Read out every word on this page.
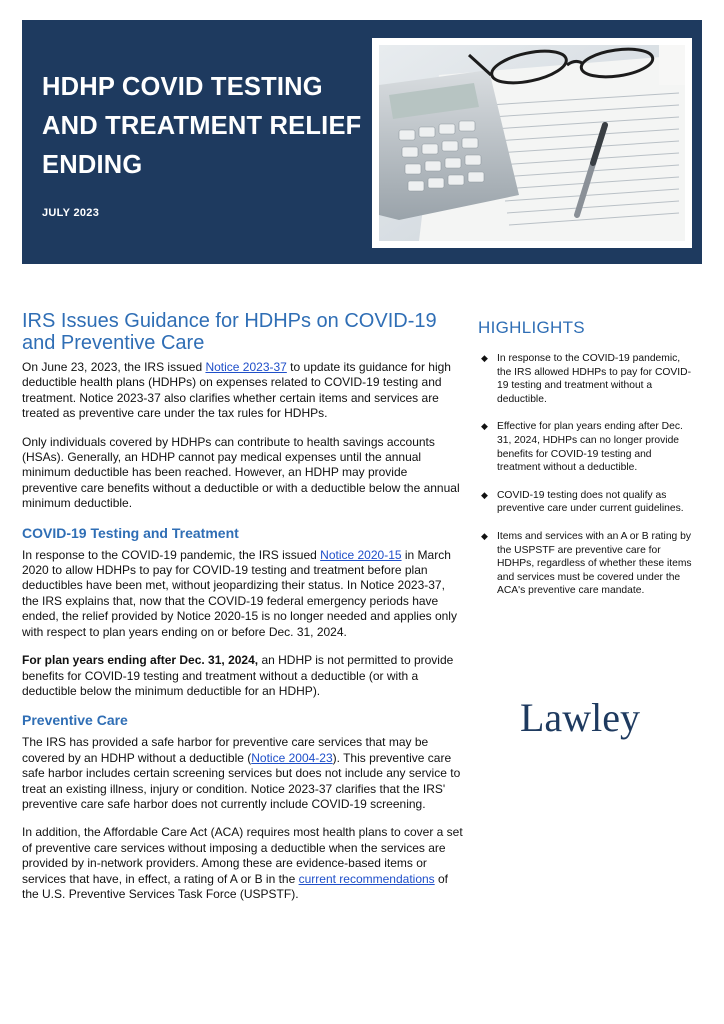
HDHP COVID TESTING AND TREATMENT RELIEF ENDING
JULY 2023
IRS Issues Guidance for HDHPs on COVID-19 and Preventive Care

On June 23, 2023, the IRS issued Notice 2023-37 to update its guidance for high deductible health plans (HDHPs) on expenses related to COVID-19 testing and treatment. Notice 2023-37 also clarifies whether certain items and services are treated as preventive care under the tax rules for HDHPs.

Only individuals covered by HDHPs can contribute to health savings accounts (HSAs). Generally, an HDHP cannot pay medical expenses until the annual minimum deductible has been reached. However, an HDHP may provide preventive care benefits without a deductible or with a deductible below the annual minimum deductible.

COVID-19 Testing and Treatment

In response to the COVID-19 pandemic, the IRS issued Notice 2020-15 in March 2020 to allow HDHPs to pay for COVID-19 testing and treatment before plan deductibles have been met, without jeopardizing their status. In Notice 2023-37, the IRS explains that, now that the COVID-19 federal emergency periods have ended, the relief provided by Notice 2020-15 is no longer needed and applies only with respect to plan years ending on or before Dec. 31, 2024.

For plan years ending after Dec. 31, 2024, an HDHP is not permitted to provide benefits for COVID-19 testing and treatment without a deductible (or with a deductible below the minimum deductible for an HDHP).

Preventive Care

The IRS has provided a safe harbor for preventive care services that may be covered by an HDHP without a deductible (Notice 2004-23). This preventive care safe harbor includes certain screening services but does not include any service to treat an existing illness, injury or condition. Notice 2023-37 clarifies that the IRS' preventive care safe harbor does not currently include COVID-19 screening.

In addition, the Affordable Care Act (ACA) requires most health plans to cover a set of preventive care services without imposing a deductible when the services are provided by in-network providers. Among these are evidence-based items or services that have, in effect, a rating of A or B in the current recommendations of the U.S. Preventive Services Task Force (USPSTF).

HIGHLIGHTS
◆ In response to the COVID-19 pandemic, the IRS allowed HDHPs to pay for COVID-19 testing and treatment without a deductible.
◆ Effective for plan years ending after Dec. 31, 2024, HDHPs can no longer provide benefits for COVID-19 testing and treatment without a deductible.
◆ COVID-19 testing does not qualify as preventive care under current guidelines.
◆ Items and services with an A or B rating by the USPSTF are preventive care for HDHPs, regardless of whether these items and services must be covered under the ACA's preventive care mandate.
Lawley
